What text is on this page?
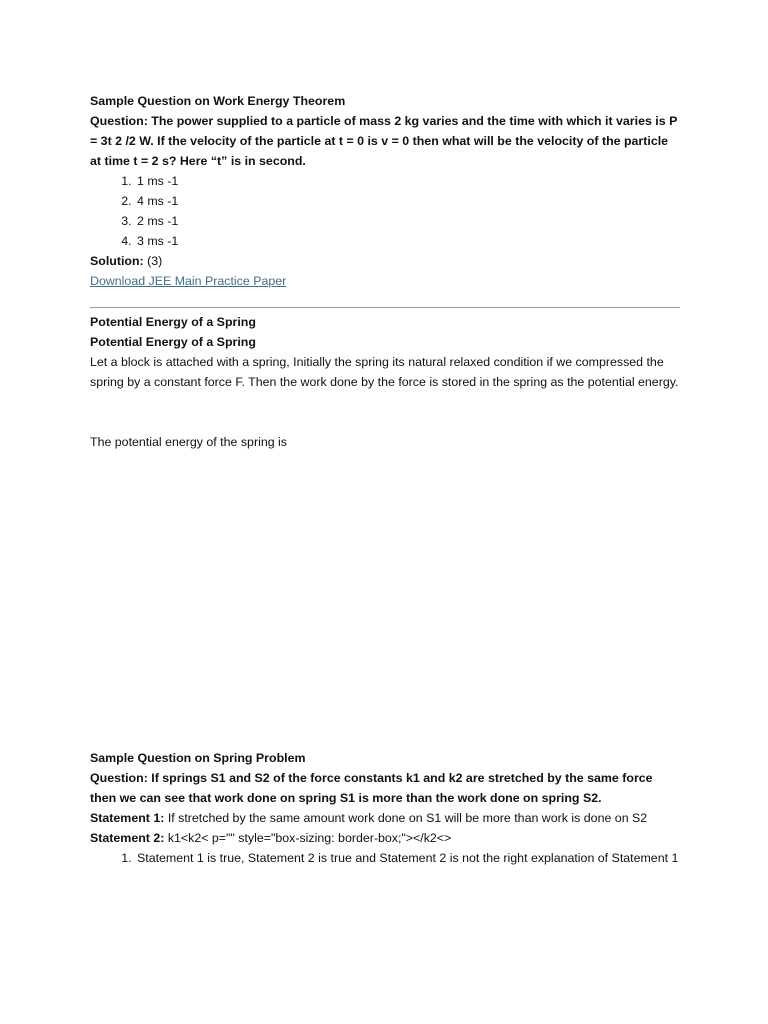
Sample Question on Work Energy Theorem

Question: The power supplied to a particle of mass 2 kg varies and the time with which it varies is P = 3t 2 /2 W. If the velocity of the particle at t = 0 is v = 0 then what will be the velocity of the particle at time t = 2 s? Here “t” is in second.

1. 1 ms -1
2. 4 ms -1
3. 2 ms -1
4. 3 ms -1

Solution: (3)

Download JEE Main Practice Paper

Potential Energy of a Spring

Potential Energy of a Spring

Let a block is attached with a spring, Initially the spring its natural relaxed condition if we compressed the spring by a constant force F. Then the work done by the force is stored in the spring as the potential energy.

The potential energy of the spring is

Sample Question on Spring Problem

Question: If springs S1 and S2 of the force constants k1 and k2 are stretched by the same force then we can see that work done on spring S1 is more than the work done on spring S2.

Statement 1: If stretched by the same amount work done on S1 will be more than work is done on S2

Statement 2: k1<k2< p="" style="box-sizing: border-box;"></k2<>

1. Statement 1 is true, Statement 2 is true and Statement 2 is not the right explanation of Statement 1
